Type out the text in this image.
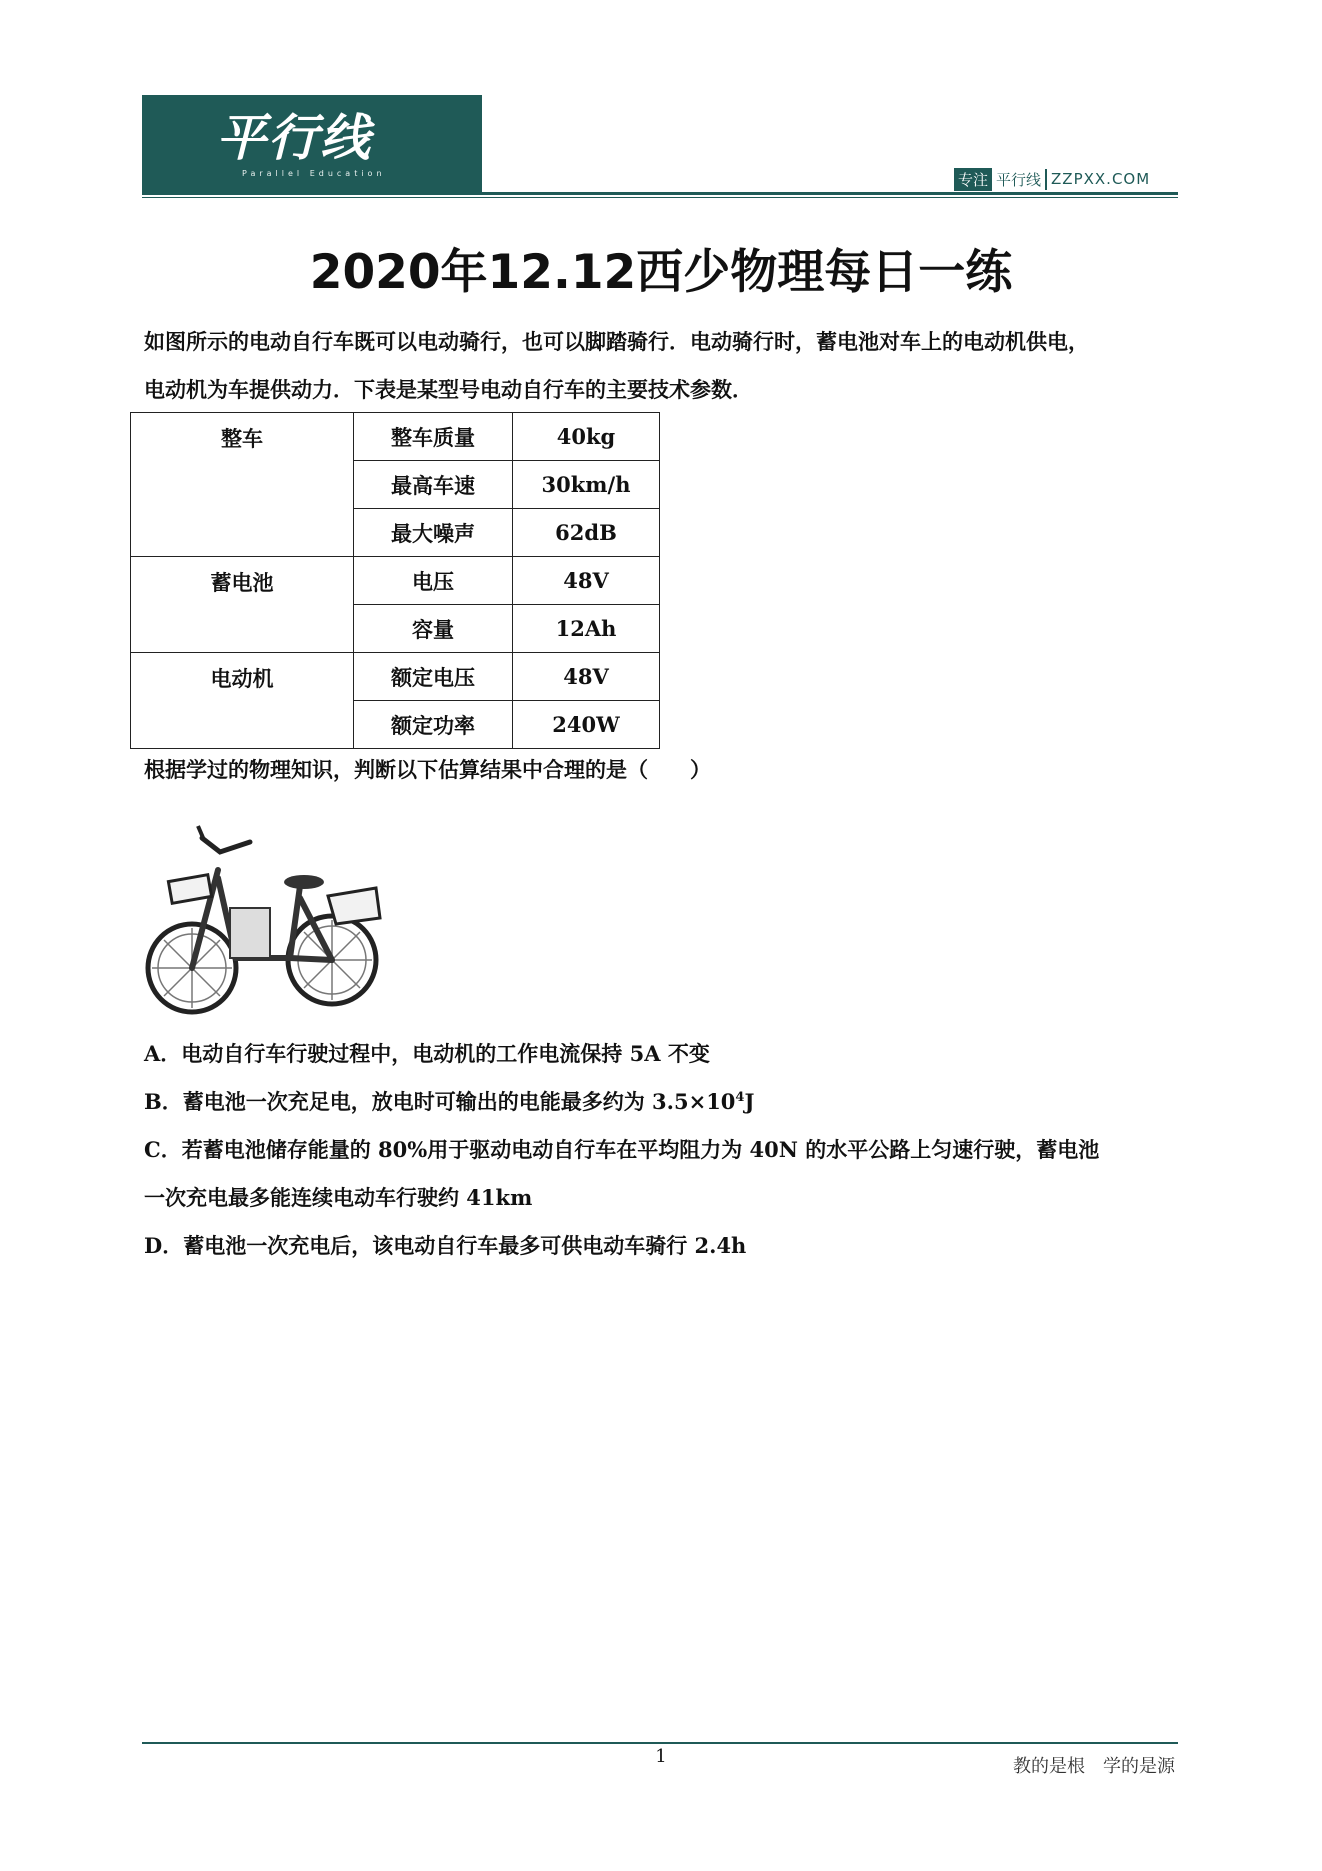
平行线
Parallel Education	专注 平行线 ZZPXX.COM
2020年12.12西少物理每日一练
如图所示的电动自行车既可以电动骑行，也可以脚踏骑行．电动骑行时，蓄电池对车上的电动机供电，
电动机为车提供动力．下表是某型号电动自行车的主要技术参数．
整车	整车质量	40kg
	最高车速	30km/h
	最大噪声	62dB
蓄电池	电压	48V
	容量	12Ah
电动机	额定电压	48V
	额定功率	240W
根据学过的物理知识，判断以下估算结果中合理的是（　　）
A．电动自行车行驶过程中，电动机的工作电流保持 5A 不变
B．蓄电池一次充足电，放电时可输出的电能最多约为 $3.5\times 10^4J$
C．若蓄电池储存能量的 80%用于驱动电动自行车在平均阻力为 40N 的水平公路上匀速行驶，蓄电池
一次充电最多能连续电动车行驶约 41km
D．蓄电池一次充电后，该电动自行车最多可供电动车骑行 2.4h
1	教的是根　学的是源
